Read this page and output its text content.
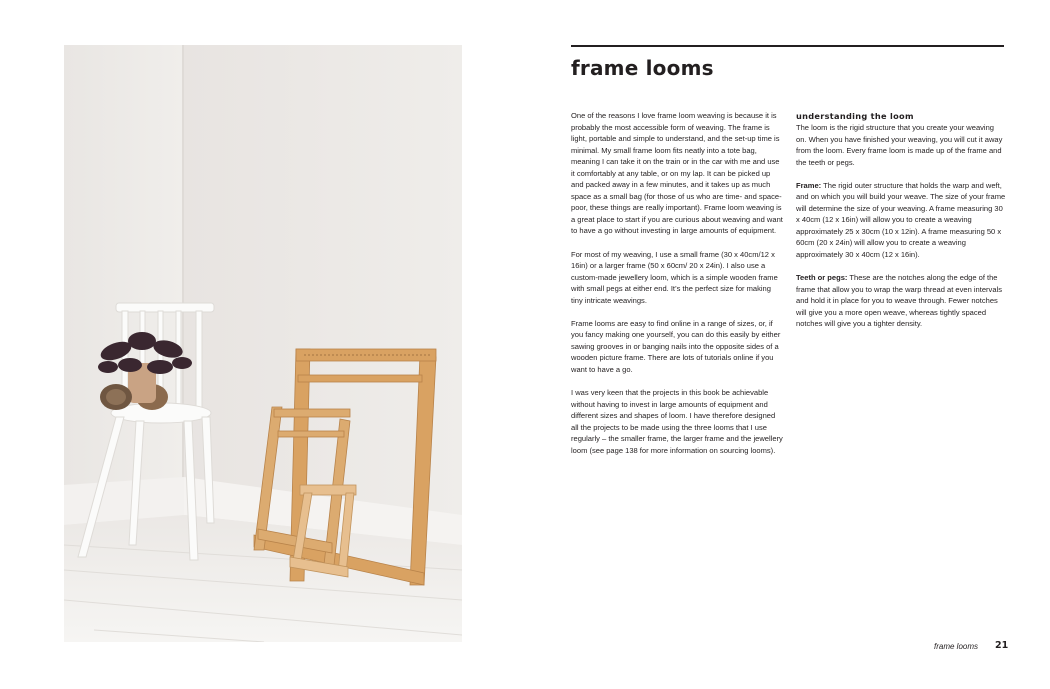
frame looms

One of the reasons I love frame loom weaving is because it is probably the most accessible form of weaving. The frame is light, portable and simple to understand, and the set-up time is minimal. My small frame loom fits neatly into a tote bag, meaning I can take it on the train or in the car with me and use it comfortably at any table, or on my lap. It can be picked up and packed away in a few minutes, and it takes up as much space as a small bag (for those of us who are time- and space-poor, these things are really important). Frame loom weaving is a great place to start if you are curious about weaving and want to have a go without investing in large amounts of equipment.

For most of my weaving, I use a small frame (30 x 40cm/12 x 16in) or a larger frame (50 x 60cm/ 20 x 24in). I also use a custom-made jewellery loom, which is a simple wooden frame with small pegs at either end. It’s the perfect size for making tiny intricate weavings.

Frame looms are easy to find online in a range of sizes, or, if you fancy making one yourself, you can do this easily by either sawing grooves in or banging nails into the opposite sides of a wooden picture frame. There are lots of tutorials online if you want to have a go.

I was very keen that the projects in this book be achievable without having to invest in large amounts of equipment and different sizes and shapes of loom. I have therefore designed all the projects to be made using the three looms that I use regularly – the smaller frame, the larger frame and the jewellery loom (see page 138 for more information on sourcing looms).

understanding the loom

The loom is the rigid structure that you create your weaving on. When you have finished your weaving, you will cut it away from the loom. Every frame loom is made up of the frame and the teeth or pegs.

Frame: The rigid outer structure that holds the warp and weft, and on which you will build your weave. The size of your frame will determine the size of your weaving. A frame measuring 30 x 40cm (12 x 16in) will allow you to create a weaving approximately 25 x 30cm (10 x 12in). A frame measuring 50 x 60cm (20 x 24in) will allow you to create a weaving approximately 30 x 40cm (12 x 16in).

Teeth or pegs: These are the notches along the edge of the frame that allow you to wrap the warp thread at even intervals and hold it in place for you to weave through. Fewer notches will give you a more open weave, whereas tightly spaced notches will give you a tighter density.

frame looms 21
